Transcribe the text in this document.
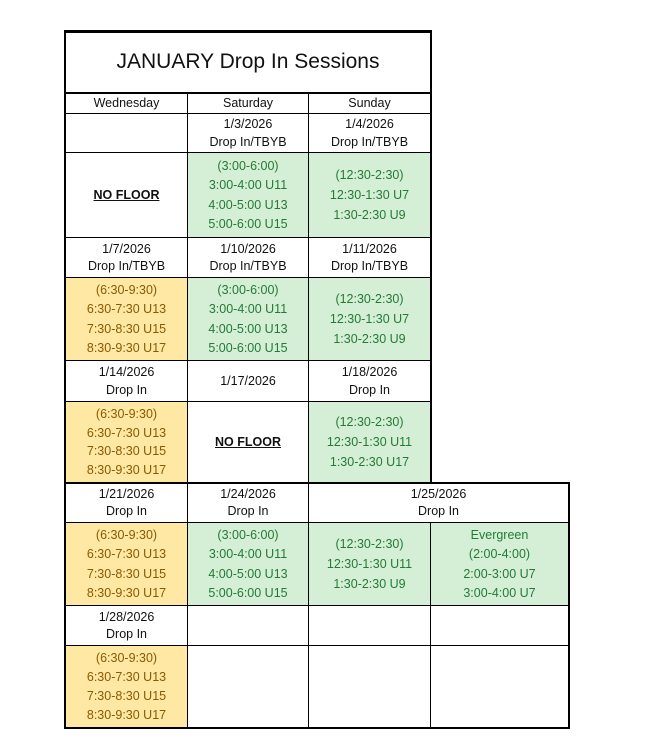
JANUARY Drop In Sessions
Wednesday	Saturday	Sunday
1/3/2026
Drop In/TBYB
1/4/2026
Drop In/TBYB
NO FLOOR
(3:00-6:00)
3:00-4:00 U11
4:00-5:00 U13
5:00-6:00 U15
(12:30-2:30)
12:30-1:30 U7
1:30-2:30 U9
1/7/2026
Drop In/TBYB
1/10/2026
Drop In/TBYB
1/11/2026
Drop In/TBYB
(6:30-9:30)
6:30-7:30 U13
7:30-8:30 U15
8:30-9:30 U17
(3:00-6:00)
3:00-4:00 U11
4:00-5:00 U13
5:00-6:00 U15
(12:30-2:30)
12:30-1:30 U7
1:30-2:30 U9
1/14/2026
Drop In
1/17/2026
1/18/2026
Drop In
(6:30-9:30)
6:30-7:30 U13
7:30-8:30 U15
8:30-9:30 U17
NO FLOOR
(12:30-2:30)
12:30-1:30 U11
1:30-2:30 U17
1/21/2026
Drop In
1/24/2026
Drop In
1/25/2026
Drop In
(6:30-9:30)
6:30-7:30 U13
7:30-8:30 U15
8:30-9:30 U17
(3:00-6:00)
3:00-4:00 U11
4:00-5:00 U13
5:00-6:00 U15
(12:30-2:30)
12:30-1:30 U11
1:30-2:30 U9
Evergreen
(2:00-4:00)
2:00-3:00 U7
3:00-4:00 U7
1/28/2026
Drop In
(6:30-9:30)
6:30-7:30 U13
7:30-8:30 U15
8:30-9:30 U17
